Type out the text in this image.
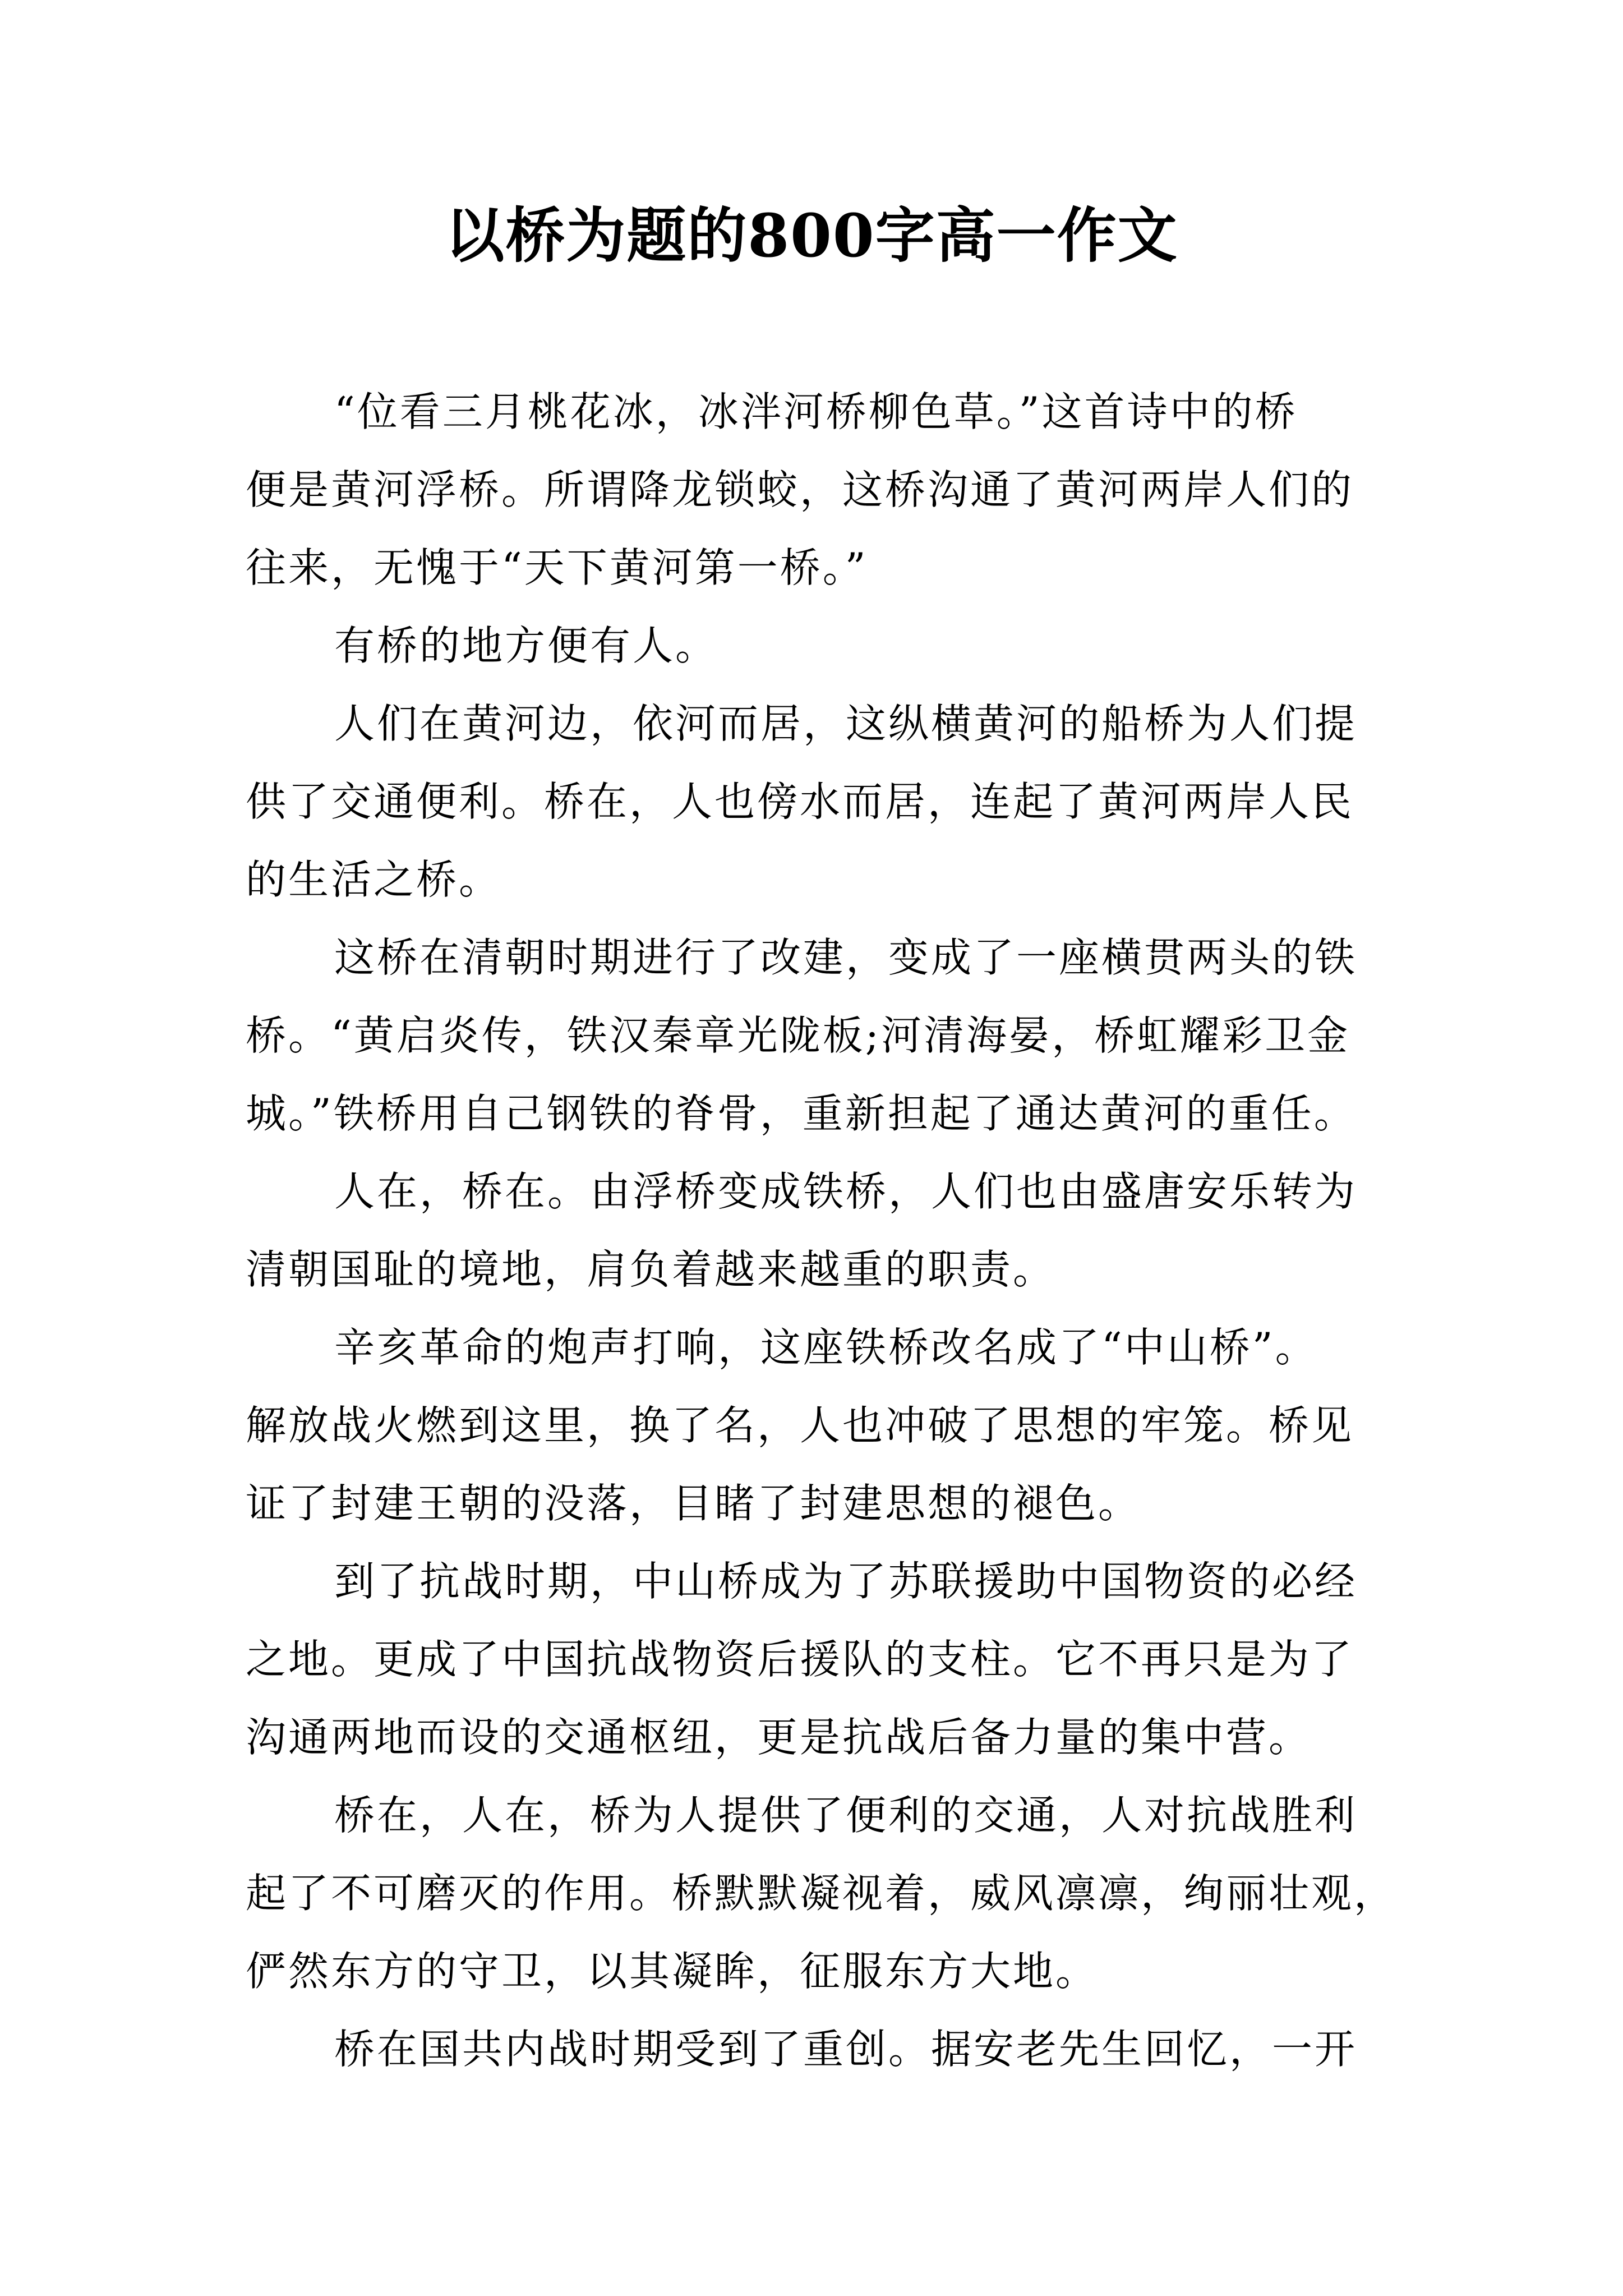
以桥为题的800字高一作文

“位看三月桃花冰，冰泮河桥柳色草。”这首诗中的桥
便是黄河浮桥。所谓降龙锁蛟，这桥沟通了黄河两岸人们的
往来，无愧于“天下黄河第一桥。”

有桥的地方便有人。

人们在黄河边，依河而居，这纵横黄河的船桥为人们提
供了交通便利。桥在，人也傍水而居，连起了黄河两岸人民
的生活之桥。

这桥在清朝时期进行了改建，变成了一座横贯两头的铁
桥。“黄启炎传，铁汉秦章光陇板;河清海晏，桥虹耀彩卫金
城。”铁桥用自己钢铁的脊骨，重新担起了通达黄河的重任。

人在，桥在。由浮桥变成铁桥，人们也由盛唐安乐转为
清朝国耻的境地，肩负着越来越重的职责。

辛亥革命的炮声打响，这座铁桥改名成了“中山桥”。
解放战火燃到这里，换了名，人也冲破了思想的牢笼。桥见
证了封建王朝的没落，目睹了封建思想的褪色。

到了抗战时期，中山桥成为了苏联援助中国物资的必经
之地。更成了中国抗战物资后援队的支柱。它不再只是为了
沟通两地而设的交通枢纽，更是抗战后备力量的集中营。

桥在，人在，桥为人提供了便利的交通，人对抗战胜利
起了不可磨灭的作用。桥默默凝视着，威风凛凛，绚丽壮观，
俨然东方的守卫，以其凝眸，征服东方大地。

桥在国共内战时期受到了重创。据安老先生回忆，一开
